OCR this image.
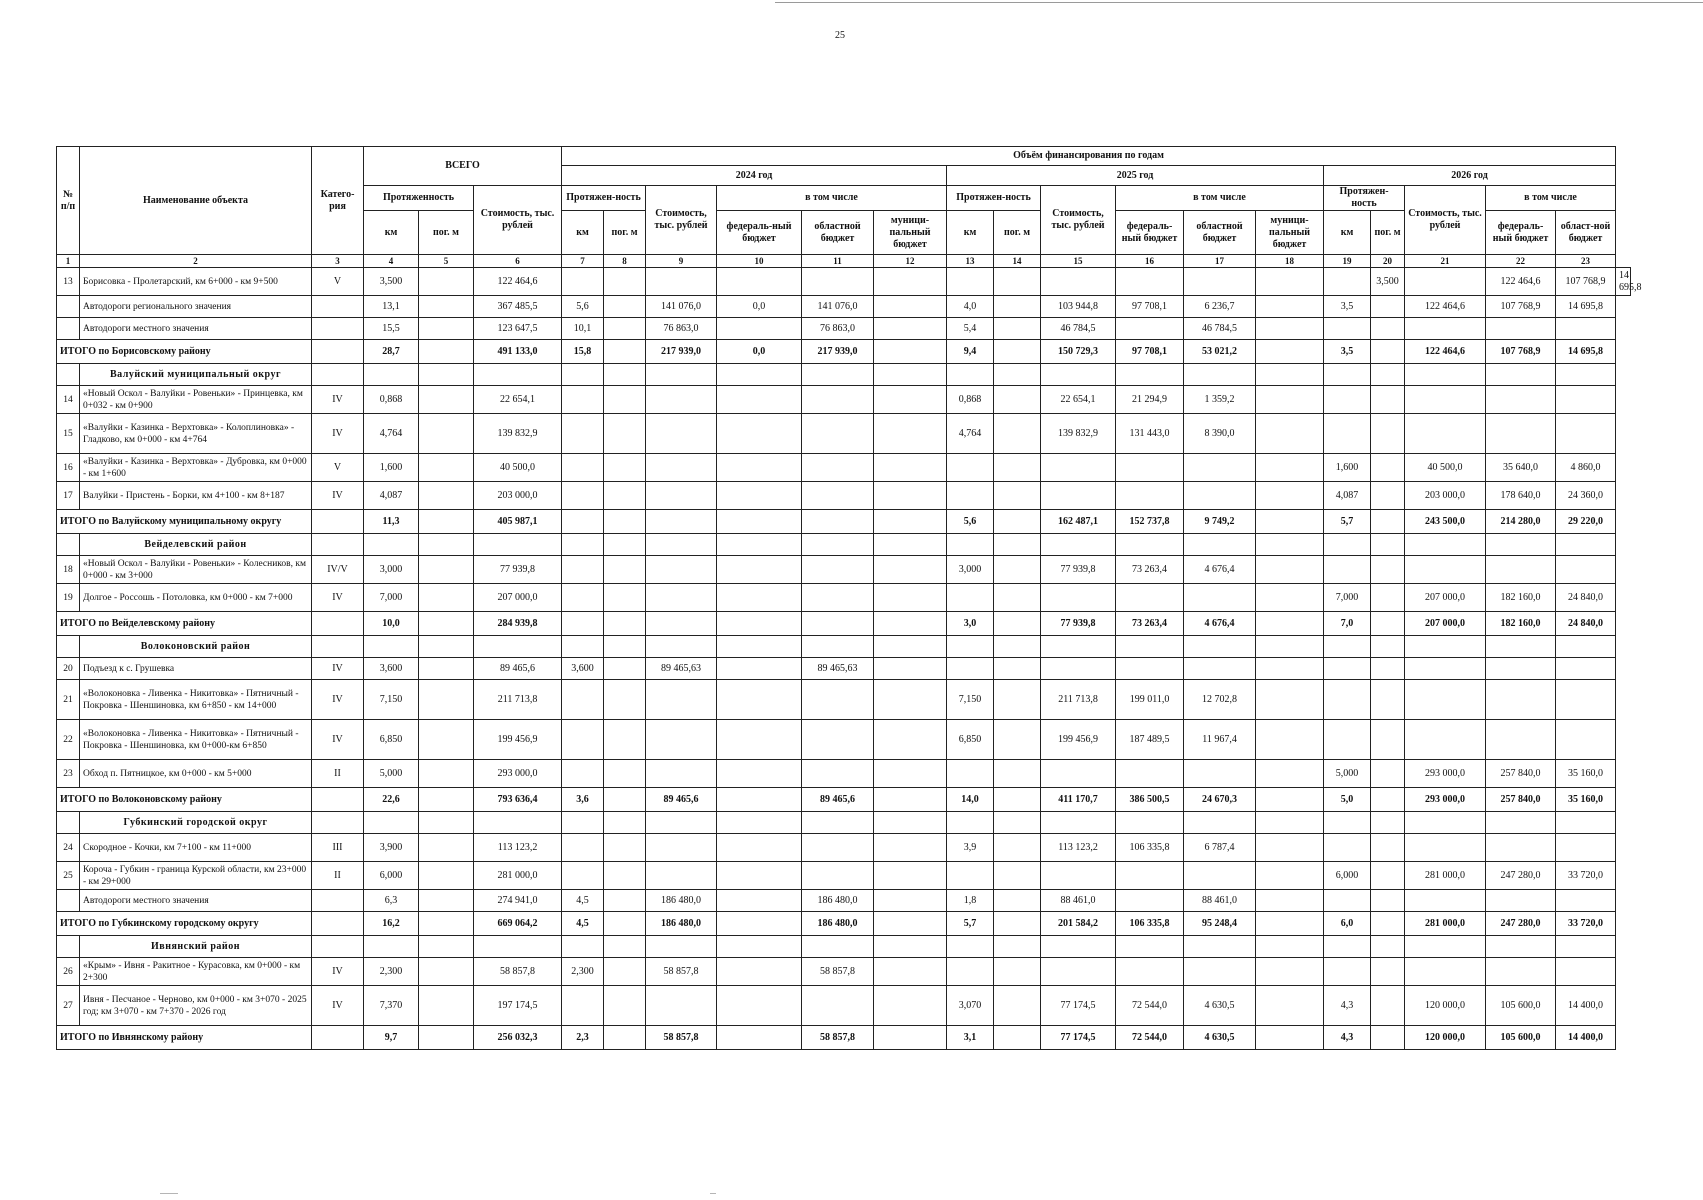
25
№ п/п	Наименование объекта	Катего-рия	ВСЕГО			Объём финансирования по годам																	
						2024 год						2025 год						2026 год					
			Протяженность		Стоимость, тыс. рублей	Протяжен-ность		Стоимость, тыс. рублей	в том числе			Протяжен-ность		Стоимость, тыс. рублей	в том числе			Протяжен-ность		Стоимость, тыс. рублей	в том числе		
			км	пог. м		км	пог. м		федераль-ный бюджет	областной бюджет	муници-пальный бюджет	км	пог. м		федераль-ный бюджет	областной бюджет	муници-пальный бюджет	км	пог. м		федераль-ный бюджет	област-ной бюджет	
1	2	3	4	5	6	7	8	9	10	11	12	13	14	15	16	17	18	19	20	21	22	23	
13	Борисовка - Пролетарский, км 6+000 - км 9+500	V	3,500		122 464,6														3,500		122 464,6	107 768,9	14 695,8
	Автодороги регионального значения		13,1		367 485,5	5,6		141 076,0	0,0	141 076,0		4,0		103 944,8	97 708,1	6 236,7		3,5		122 464,6	107 768,9	14 695,8	
	Автодороги местного значения		15,5		123 647,5	10,1		76 863,0		76 863,0		5,4		46 784,5		46 784,5							
ИТОГО по Борисовскому району			28,7		491 133,0	15,8		217 939,0	0,0	217 939,0		9,4		150 729,3	97 708,1	53 021,2		3,5		122 464,6	107 768,9	14 695,8	
	Валуйский муниципальный округ																						
14	«Новый Оскол - Валуйки - Ровеньки» - Принцевка, км 0+032 - км 0+900	IV	0,868		22 654,1							0,868		22 654,1	21 294,9	1 359,2							
15	«Валуйки - Казинка - Верхтовка» - Колоплиновка» - Гладково, км 0+000 - км 4+764	IV	4,764		139 832,9							4,764		139 832,9	131 443,0	8 390,0							
16	«Валуйки - Казинка - Верхтовка» - Дубровка, км 0+000 - км 1+600	V	1,600		40 500,0													1,600		40 500,0	35 640,0	4 860,0	
17	Валуйки - Пристень - Борки, км 4+100 - км 8+187	IV	4,087		203 000,0													4,087		203 000,0	178 640,0	24 360,0	
ИТОГО по Валуйскому муниципальному округу			11,3		405 987,1							5,6		162 487,1	152 737,8	9 749,2		5,7		243 500,0	214 280,0	29 220,0	
	Вейделевский район																						
18	«Новый Оскол - Валуйки - Ровеньки» - Колесников, км 0+000 - км 3+000	IV/V	3,000		77 939,8							3,000		77 939,8	73 263,4	4 676,4							
19	Долгое - Россошь - Потоловка, км 0+000 - км 7+000	IV	7,000		207 000,0													7,000		207 000,0	182 160,0	24 840,0	
ИТОГО по Вейделевскому району			10,0		284 939,8							3,0		77 939,8	73 263,4	4 676,4		7,0		207 000,0	182 160,0	24 840,0	
	Волоконовский район																						
20	Подъезд к с. Грушевка	IV	3,600		89 465,6	3,600		89 465,63		89 465,63													
21	«Волоконовка - Ливенка - Никитовка» - Пятничный - Покровка - Шеншиновка, км 6+850 - км 14+000	IV	7,150		211 713,8							7,150		211 713,8	199 011,0	12 702,8							
22	«Волоконовка - Ливенка - Никитовка» - Пятничный - Покровка - Шеншиновка, км 0+000-км 6+850	IV	6,850		199 456,9							6,850		199 456,9	187 489,5	11 967,4							
23	Обход п. Пятницкое, км 0+000 - км 5+000	II	5,000		293 000,0													5,000		293 000,0	257 840,0	35 160,0	
ИТОГО по Волоконовскому району			22,6		793 636,4	3,6		89 465,6		89 465,6		14,0		411 170,7	386 500,5	24 670,3		5,0		293 000,0	257 840,0	35 160,0	
	Губкинский городской округ																						
24	Скородное - Кочки, км 7+100 - км 11+000	III	3,900		113 123,2							3,9		113 123,2	106 335,8	6 787,4							
25	Короча - Губкин - граница Курской области, км 23+000 - км 29+000	II	6,000		281 000,0													6,000		281 000,0	247 280,0	33 720,0	
	Автодороги местного значения		6,3		274 941,0	4,5		186 480,0		186 480,0		1,8		88 461,0		88 461,0							
ИТОГО по Губкинскому городскому округу			16,2		669 064,2	4,5		186 480,0		186 480,0		5,7		201 584,2	106 335,8	95 248,4		6,0		281 000,0	247 280,0	33 720,0	
	Ивнянский район																						
26	«Крым» - Ивня - Ракитное - Курасовка, км 0+000 - км 2+300	IV	2,300		58 857,8	2,300		58 857,8		58 857,8													
27	Ивня - Песчаное - Черново, км 0+000 - км 3+070 - 2025 год; км 3+070 - км 7+370 - 2026 год	IV	7,370		197 174,5							3,070		77 174,5	72 544,0	4 630,5		4,3		120 000,0	105 600,0	14 400,0	
ИТОГО по Ивнянскому району			9,7		256 032,3	2,3		58 857,8		58 857,8		3,1		77 174,5	72 544,0	4 630,5		4,3		120 000,0	105 600,0	14 400,0	
